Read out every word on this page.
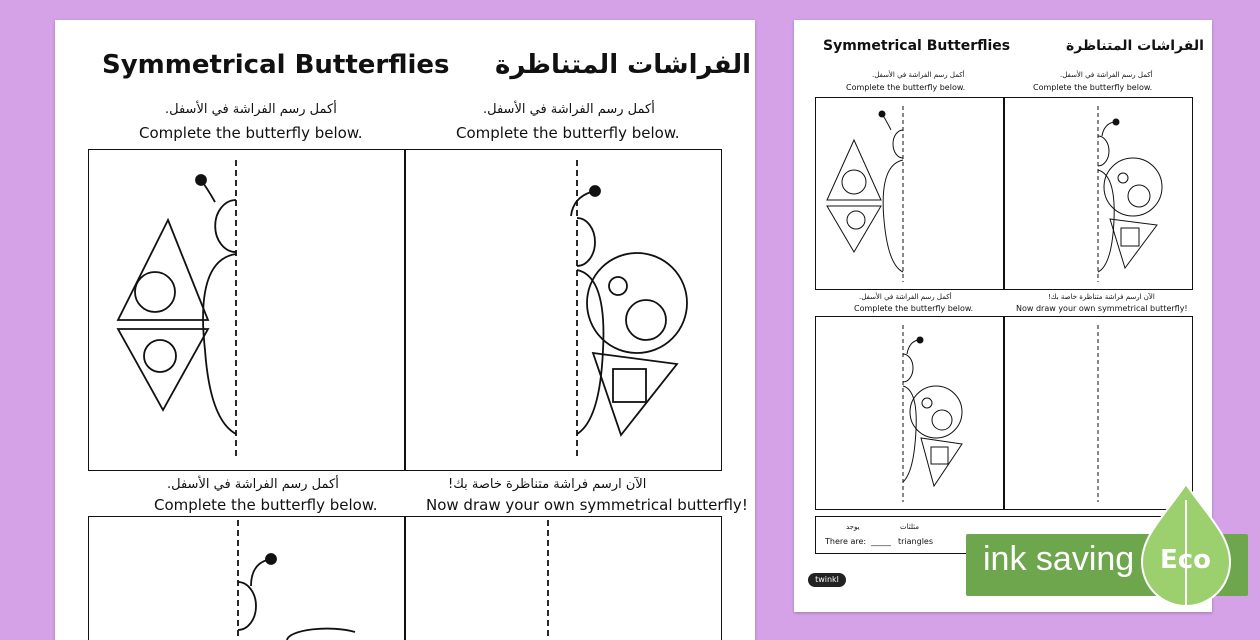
Symmetrical Butterflies الفراشات المتناظرة
أكمل رسم الفراشة في الأسفل.
Complete the butterfly below.
أكمل رسم الفراشة في الأسفل.
Complete the butterfly below.
أكمل رسم الفراشة في الأسفل.
Complete the butterfly below.
الآن ارسم فراشة متناظرة خاصة بك!
Now draw your own symmetrical butterfly!
Symmetrical Butterflies	الفراشات المتناظرة
أكمل رسم الفراشة في الأسفل.
Complete the butterfly below.
أكمل رسم الفراشة في الأسفل.
Complete the butterfly below.
أكمل رسم الفراشة في الأسفل.
Complete the butterfly below.
الآن ارسم فراشة متناظرة خاصة بك!
Now draw your own symmetrical butterfly!
يوجد	مثلثات
There are: _____ triangles
twinkl
ink saving Eco
